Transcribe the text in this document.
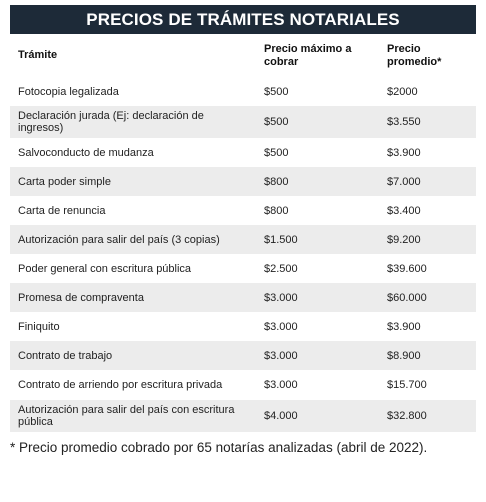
PRECIOS DE TRÁMITES NOTARIALES
Trámite	Precio máximo a cobrar	Precio promedio*
Fotocopia legalizada	$500	$2000
Declaración jurada (Ej: declaración de ingresos)	$500	$3.550
Salvoconducto de mudanza	$500	$3.900
Carta poder simple	$800	$7.000
Carta de renuncia	$800	$3.400
Autorización para salir del país (3 copias)	$1.500	$9.200
Poder general con escritura pública	$2.500	$39.600
Promesa de compraventa	$3.000	$60.000
Finiquito	$3.000	$3.900
Contrato de trabajo	$3.000	$8.900
Contrato de arriendo por escritura privada	$3.000	$15.700
Autorización para salir del país con escritura pública	$4.000	$32.800
* Precio promedio cobrado por 65 notarías analizadas (abril de 2022).
